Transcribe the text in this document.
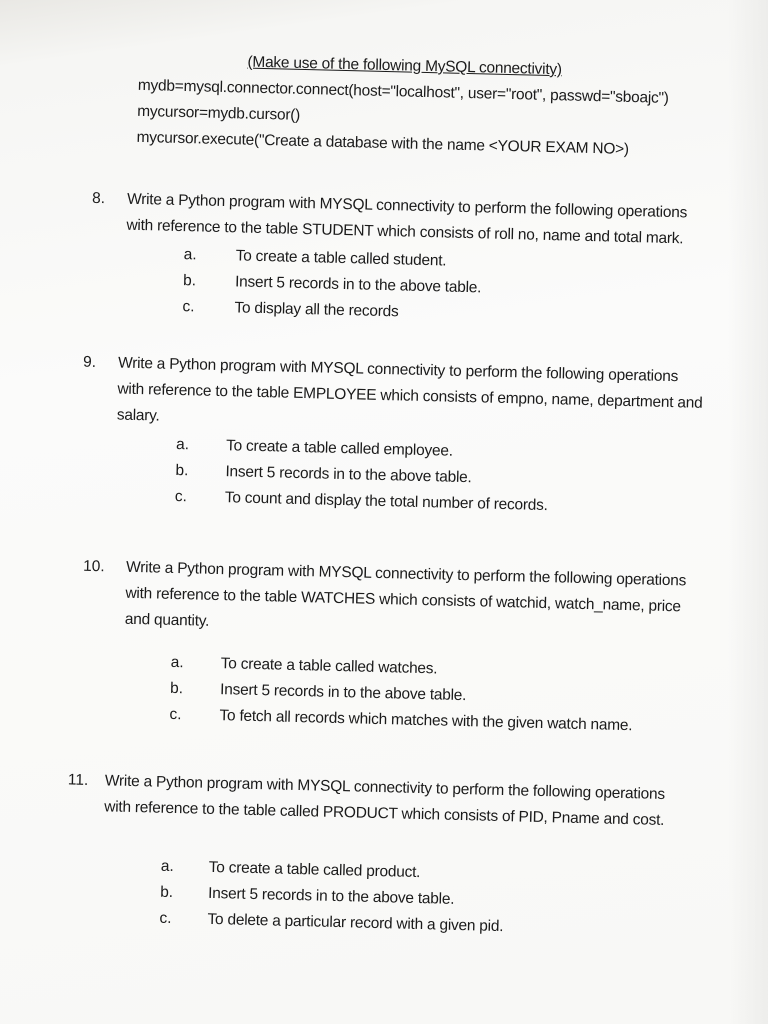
(Make use of the following MySQL connectivity)
mydb=mysql.connector.connect(host="localhost", user="root", passwd="sboajc")
mycursor=mydb.cursor()
mycursor.execute("Create a database with the name <YOUR EXAM NO>)
8. Write a Python program with MYSQL connectivity to perform the following operations
with reference to the table STUDENT which consists of roll no, name and total mark.
a. To create a table called student.
b. Insert 5 records in to the above table.
c.	To display all the records
9. Write a Python program with MYSQL connectivity to perform the following operations
with reference to the table EMPLOYEE which consists of empno, name, department and
salary.
a. To create a table called employee.
b. Insert 5 records in to the above table.
c. To count and display the total number of records.
10. Write a Python program with MYSQL connectivity to perform the following operations
with reference to the table WATCHES which consists of watchid, watch_name, price
and quantity.
a. To create a table called watches.
b. Insert 5 records in to the above table.
c. To fetch all records which matches with the given watch name.
11. Write a Python program with MYSQL connectivity to perform the following operations
with reference to the table called PRODUCT which consists of PID, Pname and cost.
a. To create a table called product.
b. Insert 5 records in to the above table.
c. To delete a particular record with a given pid.
